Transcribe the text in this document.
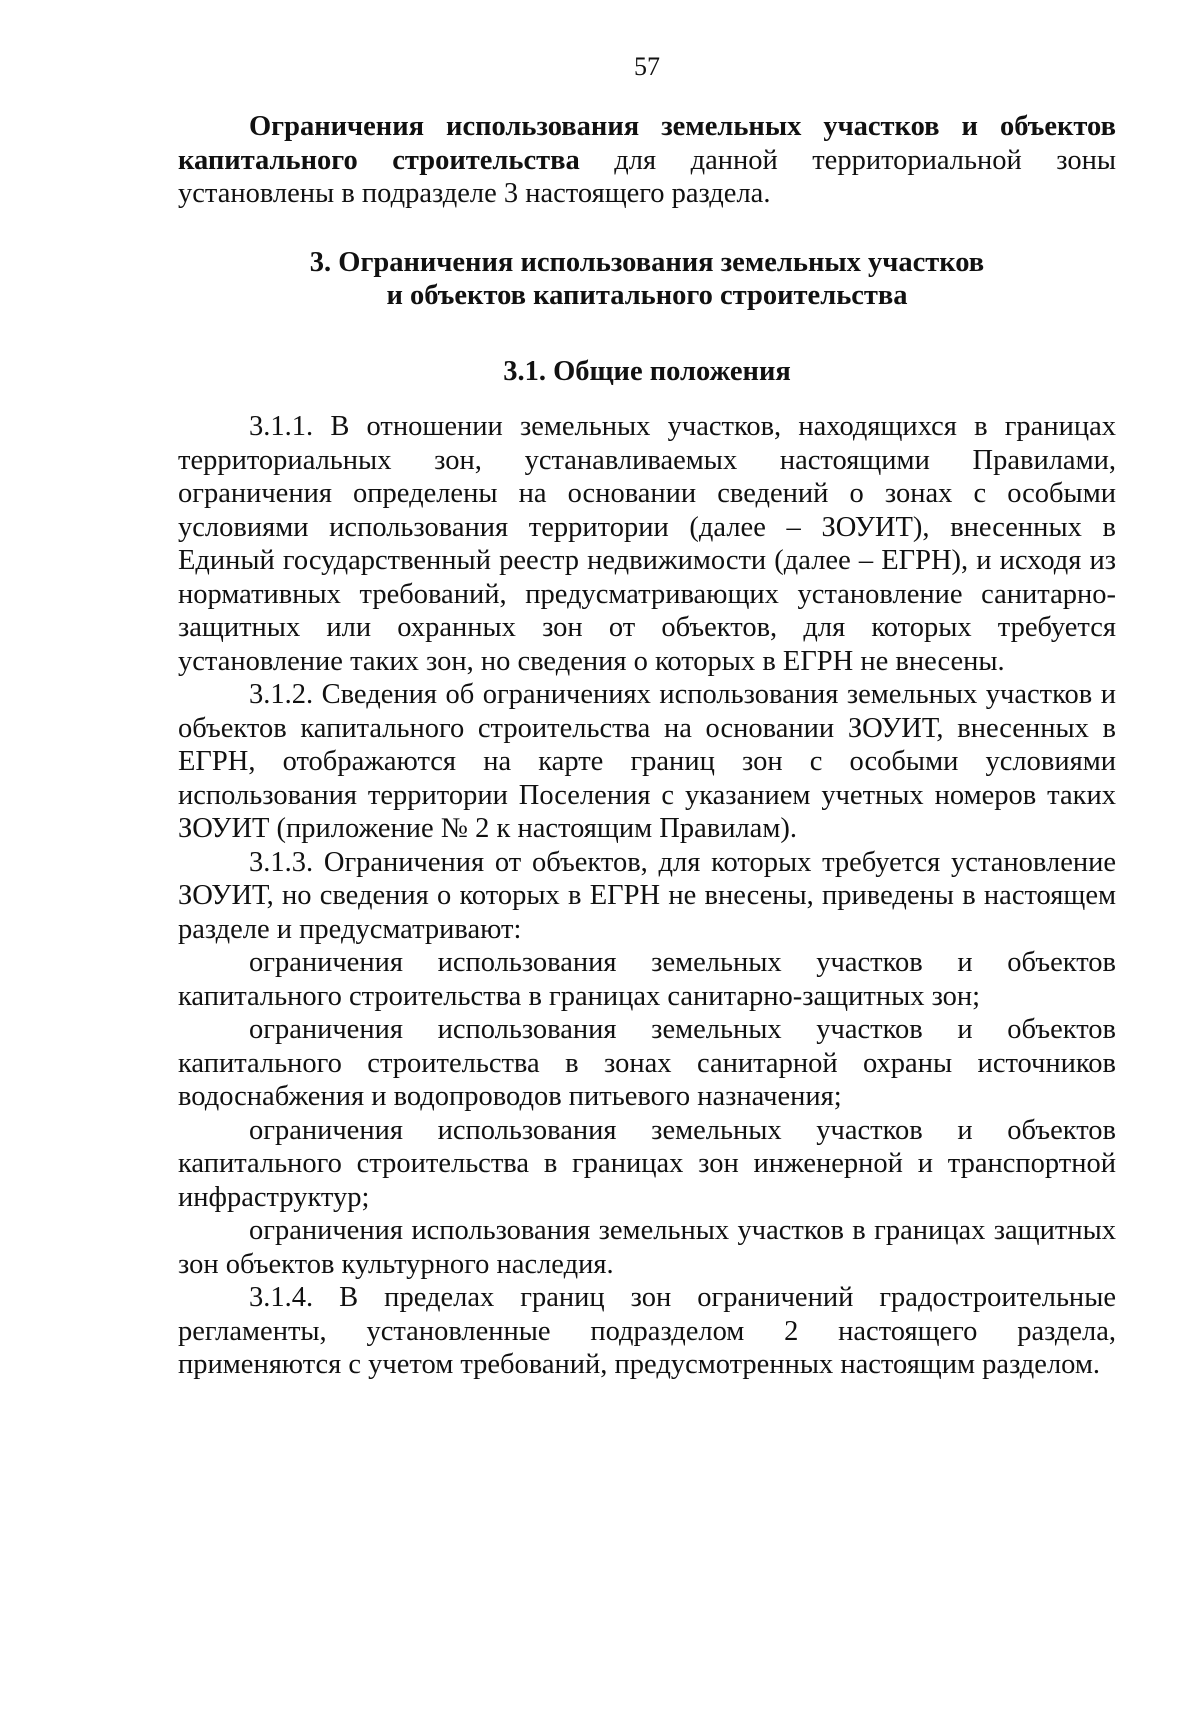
57

Ограничения использования земельных участков и объектов капитального строительства для данной территориальной зоны установлены в подразделе 3 настоящего раздела.

3. Ограничения использования земельных участков
и объектов капитального строительства
3.1. Общие положения

3.1.1. В отношении земельных участков, находящихся в границах территориальных зон, устанавливаемых настоящими Правилами, ограничения определены на основании сведений о зонах с особыми условиями использования территории (далее – ЗОУИТ), внесенных в Единый государственный реестр недвижимости (далее – ЕГРН), и исходя из нормативных требований, предусматривающих установление санитарно-защитных или охранных зон от объектов, для которых требуется установление таких зон, но сведения о которых в ЕГРН не внесены.

3.1.2. Сведения об ограничениях использования земельных участков и объектов капитального строительства на основании ЗОУИТ, внесенных в ЕГРН, отображаются на карте границ зон с особыми условиями использования территории Поселения с указанием учетных номеров таких ЗОУИТ (приложение № 2 к настоящим Правилам).

3.1.3. Ограничения от объектов, для которых требуется установление ЗОУИТ, но сведения о которых в ЕГРН не внесены, приведены в настоящем разделе и предусматривают:

ограничения использования земельных участков и объектов капитального строительства в границах санитарно-защитных зон;

ограничения использования земельных участков и объектов капитального строительства в зонах санитарной охраны источников водоснабжения и водопроводов питьевого назначения;

ограничения использования земельных участков и объектов капитального строительства в границах зон инженерной и транспортной инфраструктур;

ограничения использования земельных участков в границах защитных зон объектов культурного наследия.

3.1.4. В пределах границ зон ограничений градостроительные регламенты, установленные подразделом 2 настоящего раздела, применяются с учетом требований, предусмотренных настоящим разделом.
